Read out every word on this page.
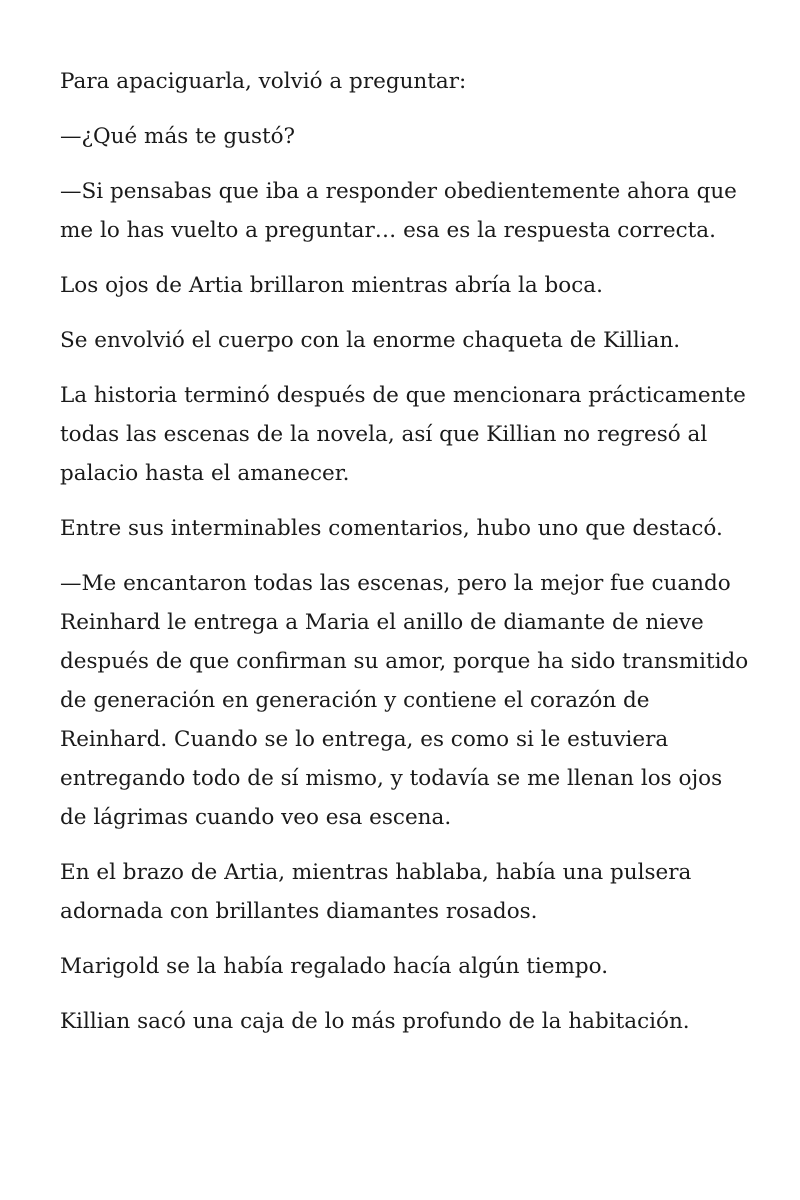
Para apaciguarla, volvió a preguntar:

—¿Qué más te gustó?

—Si pensabas que iba a responder obedientemente ahora que me lo has vuelto a preguntar… esa es la respuesta correcta.

Los ojos de Artia brillaron mientras abría la boca.

Se envolvió el cuerpo con la enorme chaqueta de Killian.

La historia terminó después de que mencionara prácticamente todas las escenas de la novela, así que Killian no regresó al palacio hasta el amanecer.

Entre sus interminables comentarios, hubo uno que destacó.

—Me encantaron todas las escenas, pero la mejor fue cuando Reinhard le entrega a Maria el anillo de diamante de nieve después de que confirman su amor, porque ha sido transmitido de generación en generación y contiene el corazón de Reinhard. Cuando se lo entrega, es como si le estuviera entregando todo de sí mismo, y todavía se me llenan los ojos de lágrimas cuando veo esa escena.

En el brazo de Artia, mientras hablaba, había una pulsera adornada con brillantes diamantes rosados.

Marigold se la había regalado hacía algún tiempo.

Killian sacó una caja de lo más profundo de la habitación.
